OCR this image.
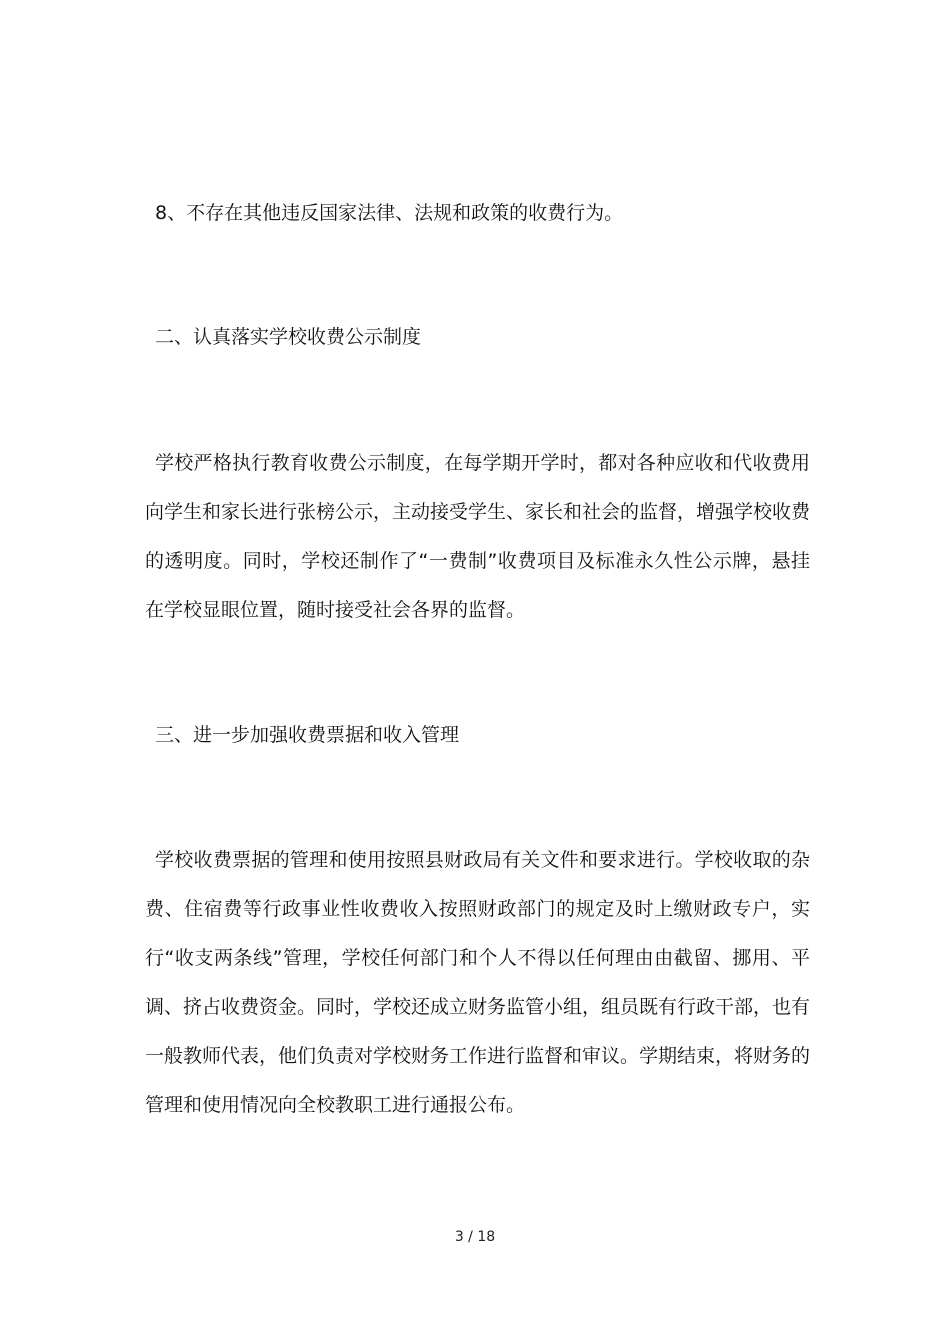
8、不存在其他违反国家法律、法规和政策的收费行为。

二、认真落实学校收费公示制度

学校严格执行教育收费公示制度，在每学期开学时，都对各种应收和代收费用向学生和家长进行张榜公示，主动接受学生、家长和社会的监督，增强学校收费的透明度。同时，学校还制作了“一费制”收费项目及标准永久性公示牌，悬挂在学校显眼位置，随时接受社会各界的监督。

三、进一步加强收费票据和收入管理

学校收费票据的管理和使用按照县财政局有关文件和要求进行。学校收取的杂费、住宿费等行政事业性收费收入按照财政部门的规定及时上缴财政专户，实行“收支两条线”管理，学校任何部门和个人不得以任何理由由截留、挪用、平调、挤占收费资金。同时，学校还成立财务监管小组，组员既有行政干部，也有一般教师代表，他们负责对学校财务工作进行监督和审议。学期结束，将财务的管理和使用情况向全校教职工进行通报公布。

3 / 18
